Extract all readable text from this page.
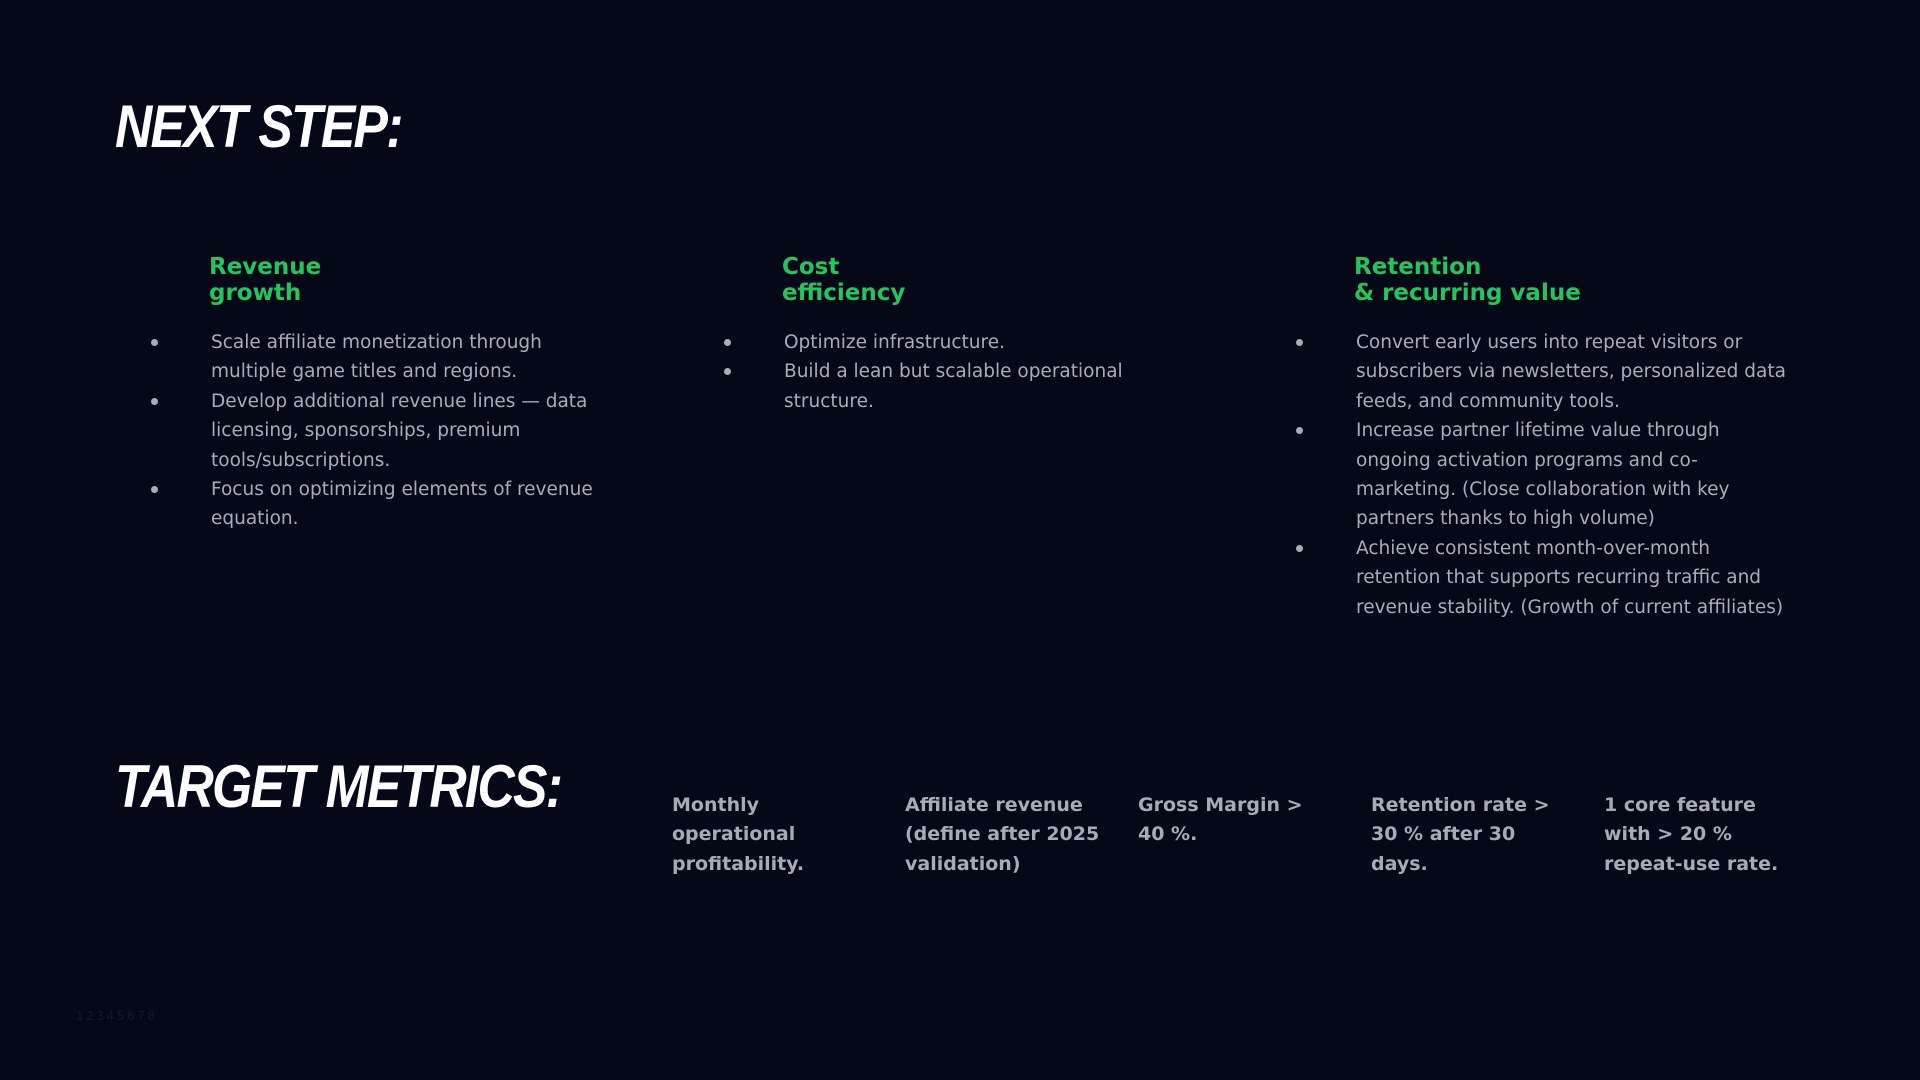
NEXT STEP:
Revenue
growth
Scale affiliate monetization through multiple game titles and regions.
Develop additional revenue lines — data licensing, sponsorships, premium tools/subscriptions.
Focus on optimizing elements of revenue equation.
Cost
efficiency
Optimize infrastructure.
Build a lean but scalable operational structure.
Retention
& recurring value
Convert early users into repeat visitors or subscribers via newsletters, personalized data feeds, and community tools.
Increase partner lifetime value through ongoing activation programs and co-marketing. (Close collaboration with key partners thanks to high volume)
Achieve consistent month-over-month retention that supports recurring traffic and revenue stability. (Growth of current affiliates)
TARGET METRICS:	Monthly operational profitability.
Affiliate revenue (define after 2025 validation)
Gross Margin > 40 %.
Retention rate > 30 % after 30 days.
1 core feature with > 20 % repeat-use rate.
12345678
